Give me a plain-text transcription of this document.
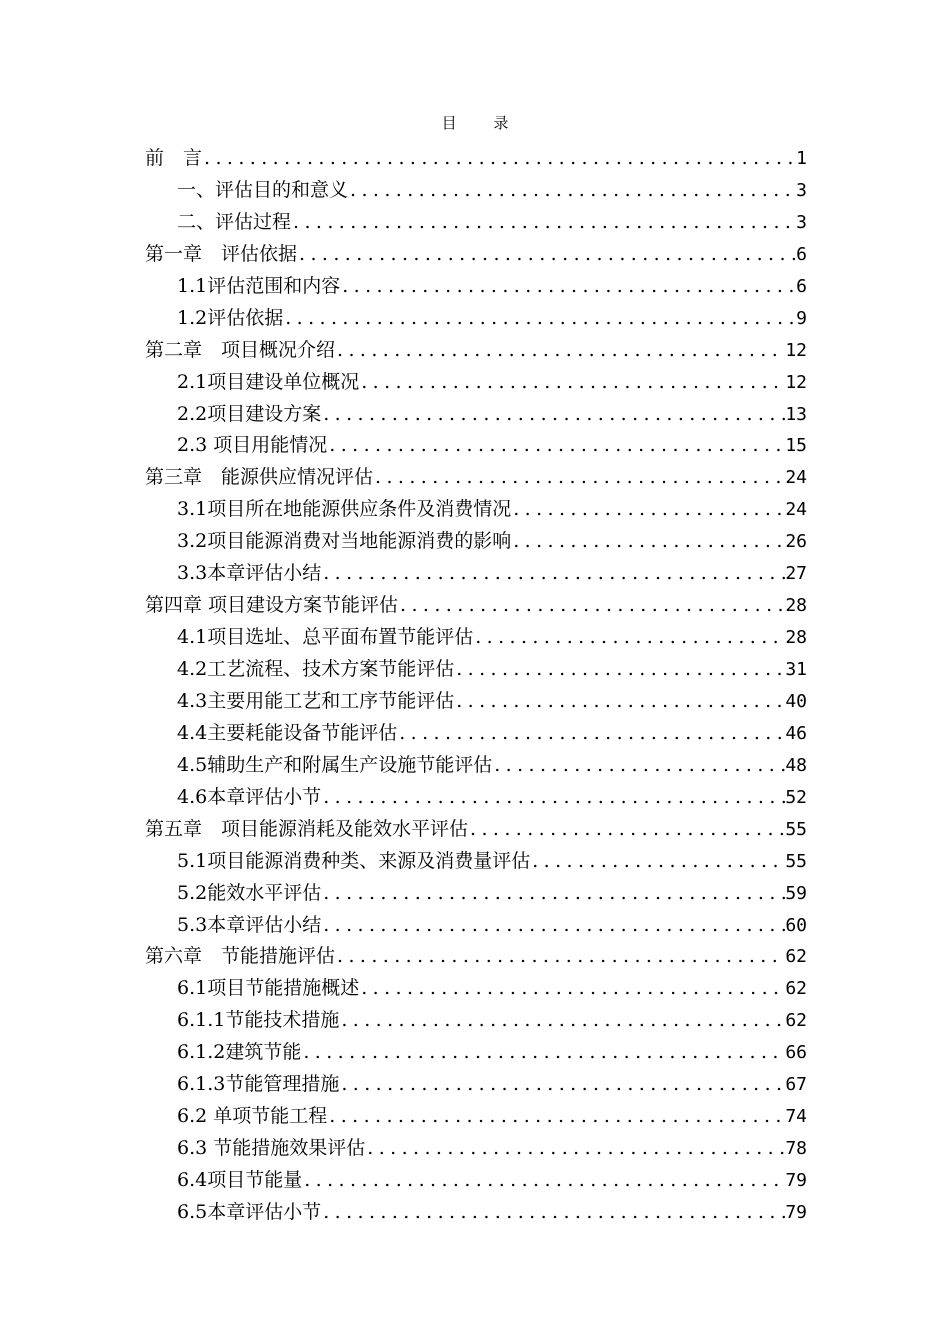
目 录
前　言 .....	1
一、评估目的和意义 .....	3
二、评估过程 .....	3
第一章　评估依据 .....	6
1.1评估范围和内容 .....	6
1.2评估依据 .....	9
第二章　项目概况介绍 .....	12
2.1项目建设单位概况 .....	12
2.2项目建设方案 .....	13
2.3 项目用能情况 .....	15
第三章　能源供应情况评估 .....	24
3.1项目所在地能源供应条件及消费情况 .....	24
3.2项目能源消费对当地能源消费的影响 .....	26
3.3本章评估小结 .....	27
第四章 项目建设方案节能评估 .....	28
4.1项目选址、总平面布置节能评估 .....	28
4.2工艺流程、技术方案节能评估 .....	31
4.3主要用能工艺和工序节能评估 .....	40
4.4主要耗能设备节能评估 .....	46
4.5辅助生产和附属生产设施节能评估 .....	48
4.6本章评估小节 .....	52
第五章　项目能源消耗及能效水平评估 .....	55
5.1项目能源消费种类、来源及消费量评估 .....	55
5.2能效水平评估 .....	59
5.3本章评估小结 .....	60
第六章　节能措施评估 .....	62
6.1项目节能措施概述 .....	62
6.1.1节能技术措施 .....	62
6.1.2建筑节能 .....	66
6.1.3节能管理措施 .....	67
6.2 单项节能工程 .....	74
6.3 节能措施效果评估 .....	78
6.4项目节能量 .....	79
6.5本章评估小节 .....	79
